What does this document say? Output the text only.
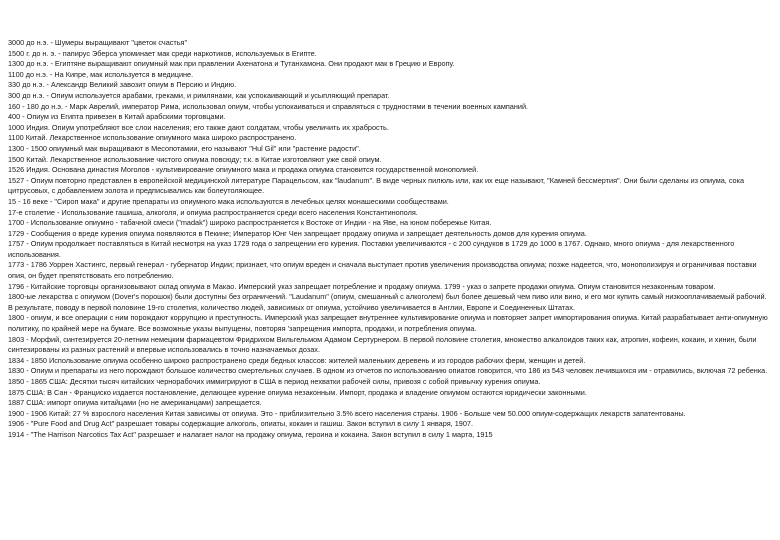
3000 до н.э. - Шумеры выращивают "цветок счастья"

1500 г. до н. э. - папирус Эберса упоминает мак среди наркотиков, используемых в Египте.

1300 до н.э. - Египтяне выращивают опиумный мак при правлении Ахенатона и Тутанхамона. Они продают мак в Грецию и Европу.

1100 до н.э. - На Кипре, мак используется в медицине.

330 до н.э. - Александр Великий завозит опиум в Персию и Индию.

300 до н.э. - Опиум используется арабами, греками, и римлянами, как успокаивающий и усыпляющий препарат.

160 - 180 до н.э. - Марк Аврелий, император Рима, использовал опиум, чтобы успокаиваться и справляться с трудностями в течении военных кампаний.

400 - Опиум из Египта привезен в Китай арабскими торговцами.

1000 Индия. Опиум употребляют все слои населения; его также дают солдатам, чтобы увеличить их храбрость.

1100 Китай. Лекарственное использование опиумного мака широко распространено.

1300 - 1500 опиумный мак выращивают в Месопотамии, его называют "Hul Gil" или "растение радости".

1500 Китай. Лекарственное использование чистого опиума повсюду; т.к. в Китае изготовляют уже свой опиум.

1526 Индия. Основана династия Моголов - культивирование опиумного мака и продажа опиума становится государственной монополией.

1527 - Опиум повторно представлен в европейской медицинской литературе Парацельсом, как "laudanum". В виде черных пилюль или, как их еще называют, "Камней бессмертия". Они были сделаны из опиума, сока цитрусовых, с добавлением золота и предписывались как болеутоляющее.

15 - 16 веке - "Сироп мака" и другие препараты из опиумного мака используются в лечебных целях монашескими сообществами.

17-е столетие - Использование гашиша, алкоголя, и опиума распространяется среди всего населения Константинополя.

1700 - Использование опиумно - табачной смеси ("madak") широко распространяется к Востоке от Индии - на Яве, на юном побережье Китая.

1729 - Сообщения о вреде курения опиума появляются в Пекине; Император Юнг Чен запрещает продажу опиума и запрещает деятельность домов для курения опиума.

1757 - Опиум продолжает поставляться в Китай несмотря на указ 1729 года о запрещении его курения. Поставки увеличиваются - с 200 сундуков в 1729 до 1000 в 1767. Однако, много опиума - для лекарственного использования.

1773 - 1786 Уоррен Хастингс, первый генерал - губернатор Индии; признает, что опиум вреден и сначала выступает против увеличения производства опиума; позже надеется, что, монополизируя и ограничивая поставки опия, он будет препятствовать его потреблению.

1796 - Китайские торговцы организовывают склад опиума в Макао. Имперский указ запрещает потребление и продажу опиума. 1799 - указ о запрете продажи опиума. Опиум становится незаконным товаром.

1800-ые лекарства с опиумом (Dover's порошок) были доступны без ограничений. "Laudanum" (опиум, смешанный с алкоголем) был более дешевый чем пиво или вино, и его мог купить самый низкооплачиваемый рабочий. В результате, поводу в первой половине 19-го столетия, количество людей, зависимых от опиума, устойчиво увеличивается в Англии, Европе и Соединенных Штатах.

1800 - опиум, и все операции с ним порождают коррупцию и преступность. Имперский указ запрещает внутреннее культивирование опиума и повторяет запрет импортирования опиума. Китай разрабатывает анти-опиумную политику, по крайней мере на бумаге. Все возможные указы выпущены, повторяя 'запрещения импорта, продажи, и потребления опиума.

1803 - Морфий, синтезируется 20-летним немецким фармацевтом Фридрихом Вильгельмом Адамом Сертурнером. В первой половине столетия, множество алкалоидов таких как, атропин, кофеин, кокаин, и хинин, были синтезированы из разных растений и впервые использовались в точно назначаемых дозах.

1834 - 1850 Использование опиума особенно широко распространено среди бедных классов: жителей маленьких деревень и из городов рабочих ферм, женщин и детей.

1830 - Опиум и препараты из него порождают большое количество смертельных случаев. В одном из отчетов по использованию опиатов говорится, что 186 из 543 человек лечившихся им - отравились, включая 72 ребенка.

1850 - 1865 США: Десятки тысяч китайских чернорабочих иммигрируют в США в период нехватки рабочей силы, привозя с собой привычку курения опиума.

1875 США: В Сан - Франциско издается постановление, делающее курение опиума незаконным. Импорт, продажа и владение опиумом остаются юридически законными.

1887 США: импорт опиума китайцами (но не американцами) запрещается.

1900 - 1906 Китай: 27 % взрослого населения Китая зависимы от опиума. Это - приблизительно 3.5% всего населения страны. 1906 - Больше чем 50.000 опиум-содержащих лекарств запатентованы.

1906 - "Pure Food and Drug Act" разрешает товары содержащие алкоголь, опиаты, кокаин и гашиш. Закон вступил в силу 1 января, 1907.

1914 - "The Harrison Narcotics Tax Act" разрешает и налагает налог на продажу опиума, героина и кокаина. Закон вступил в силу 1 марта, 1915
